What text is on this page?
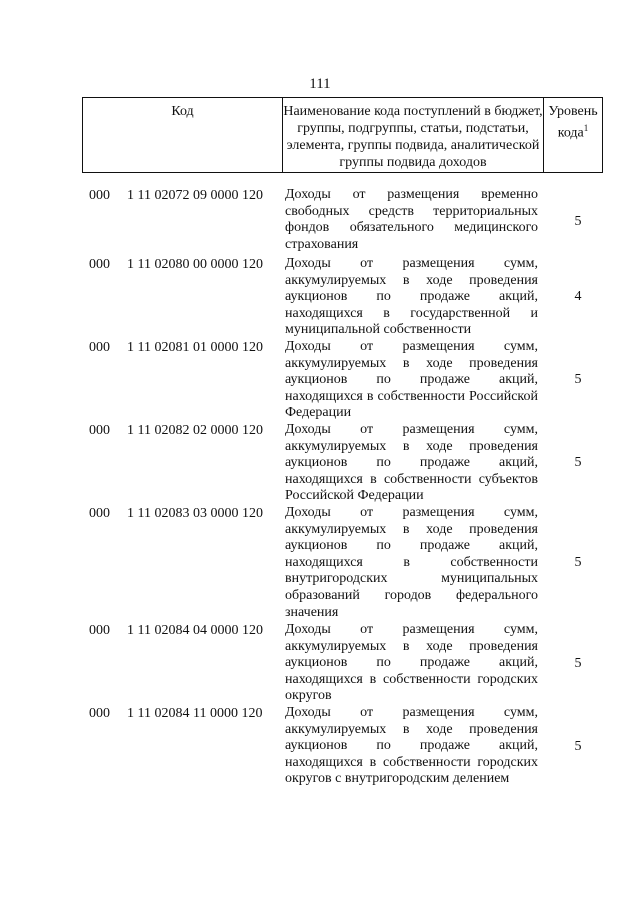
111
Код	Наименование кода поступлений в бюджет, группы, подгруппы, статьи, подстатьи, элемента, группы подвида, аналитической группы подвида доходов
Уровень кода$^1$
000 1 11 02072 09 0000 120 Доходы от размещения временно свободных средств территориальных фондов обязательного медицинского страхования
5
000 1 11 02080 00 0000 120 Доходы от размещения сумм, аккумулируемых в ходе проведения аукционов по продаже акций, находящихся в государственной и муниципальной собственности
4
000 1 11 02081 01 0000 120 Доходы от размещения сумм, аккумулируемых в ходе проведения аукционов по продаже акций, находящихся в собственности Российской Федерации
5
000 1 11 02082 02 0000 120 Доходы от размещения сумм, аккумулируемых в ходе проведения аукционов по продаже акций, находящихся в собственности субъектов Российской Федерации
5
000 1 11 02083 03 0000 120 Доходы от размещения сумм, аккумулируемых в ходе проведения аукционов по продаже акций, находящихся в собственности внутригородских муниципальных образований городов федерального значения
5
000 1 11 02084 04 0000 120 Доходы от размещения сумм, аккумулируемых в ходе проведения аукционов по продаже акций, находящихся в собственности городских округов
5
000 1 11 02084 11 0000 120 Доходы от размещения сумм, аккумулируемых в ходе проведения аукционов по продаже акций, находящихся в собственности городских округов с внутригородским делением
5
